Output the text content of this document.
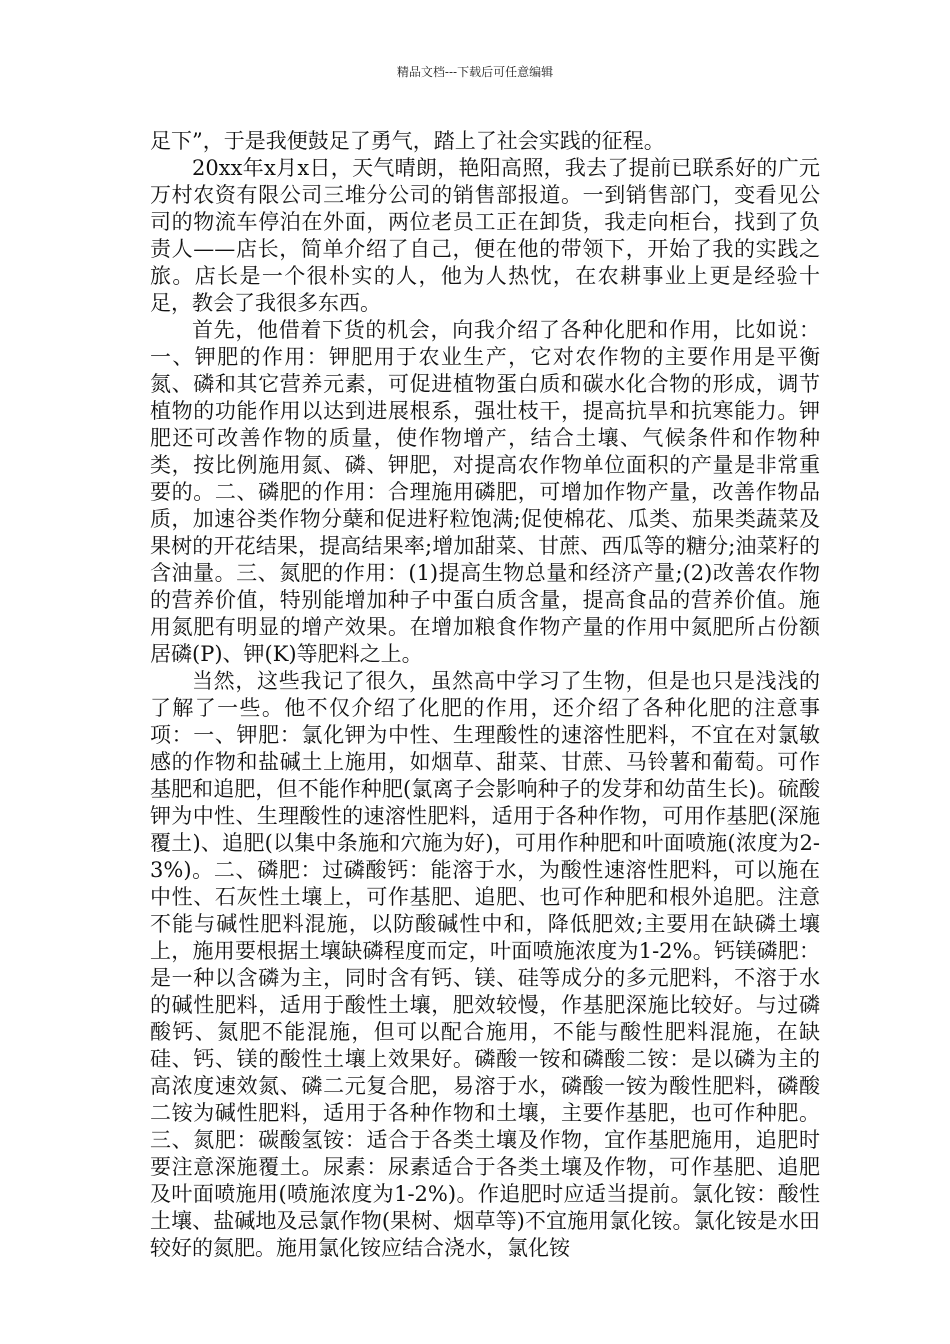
精品文档---下载后可任意编辑

足下”，于是我便鼓足了勇气，踏上了社会实践的征程。

20xx年x月x日，天气晴朗，艳阳高照，我去了提前已联系好的广元万村农资有限公司三堆分公司的销售部报道。一到销售部门，变看见公司的物流车停泊在外面，两位老员工正在卸货，我走向柜台，找到了负责人——店长，简单介绍了自己，便在他的带领下，开始了我的实践之旅。店长是一个很朴实的人，他为人热忱，在农耕事业上更是经验十足，教会了我很多东西。

首先，他借着下货的机会，向我介绍了各种化肥和作用，比如说：一、钾肥的作用：钾肥用于农业生产，它对农作物的主要作用是平衡氮、磷和其它营养元素，可促进植物蛋白质和碳水化合物的形成，调节植物的功能作用以达到进展根系，强壮枝干，提高抗旱和抗寒能力。钾肥还可改善作物的质量，使作物增产，结合土壤、气候条件和作物种类，按比例施用氮、磷、钾肥，对提高农作物单位面积的产量是非常重要的。二、磷肥的作用：合理施用磷肥，可增加作物产量，改善作物品质，加速谷类作物分蘖和促进籽粒饱满;促使棉花、瓜类、茄果类蔬菜及果树的开花结果，提高结果率;增加甜菜、甘蔗、西瓜等的糖分;油菜籽的含油量。三、氮肥的作用：(1)提高生物总量和经济产量;(2)改善农作物的营养价值，特别能增加种子中蛋白质含量，提高食品的营养价值。施用氮肥有明显的增产效果。在增加粮食作物产量的作用中氮肥所占份额居磷(P)、钾(K)等肥料之上。

当然，这些我记了很久，虽然高中学习了生物，但是也只是浅浅的了解了一些。他不仅介绍了化肥的作用，还介绍了各种化肥的注意事项：一、钾肥：氯化钾为中性、生理酸性的速溶性肥料，不宜在对氯敏感的作物和盐碱土上施用，如烟草、甜菜、甘蔗、马铃薯和葡萄。可作基肥和追肥，但不能作种肥(氯离子会影响种子的发芽和幼苗生长)。硫酸钾为中性、生理酸性的速溶性肥料，适用于各种作物，可用作基肥(深施覆土)、追肥(以集中条施和穴施为好)，可用作种肥和叶面喷施(浓度为2-3%)。二、磷肥：过磷酸钙：能溶于水，为酸性速溶性肥料，可以施在中性、石灰性土壤上，可作基肥、追肥、也可作种肥和根外追肥。注意不能与碱性肥料混施，以防酸碱性中和，降低肥效;主要用在缺磷土壤上，施用要根据土壤缺磷程度而定，叶面喷施浓度为1-2%。钙镁磷肥：是一种以含磷为主，同时含有钙、镁、硅等成分的多元肥料，不溶于水的碱性肥料，适用于酸性土壤，肥效较慢，作基肥深施比较好。与过磷酸钙、氮肥不能混施，但可以配合施用，不能与酸性肥料混施，在缺硅、钙、镁的酸性土壤上效果好。磷酸一铵和磷酸二铵：是以磷为主的高浓度速效氮、磷二元复合肥，易溶于水，磷酸一铵为酸性肥料，磷酸二铵为碱性肥料，适用于各种作物和土壤，主要作基肥，也可作种肥。三、氮肥：碳酸氢铵：适合于各类土壤及作物，宜作基肥施用，追肥时要注意深施覆土。尿素：尿素适合于各类土壤及作物，可作基肥、追肥及叶面喷施用(喷施浓度为1-2%)。作追肥时应适当提前。氯化铵：酸性土壤、盐碱地及忌氯作物(果树、烟草等)不宜施用氯化铵。氯化铵是水田较好的氮肥。施用氯化铵应结合浇水，氯化铵
